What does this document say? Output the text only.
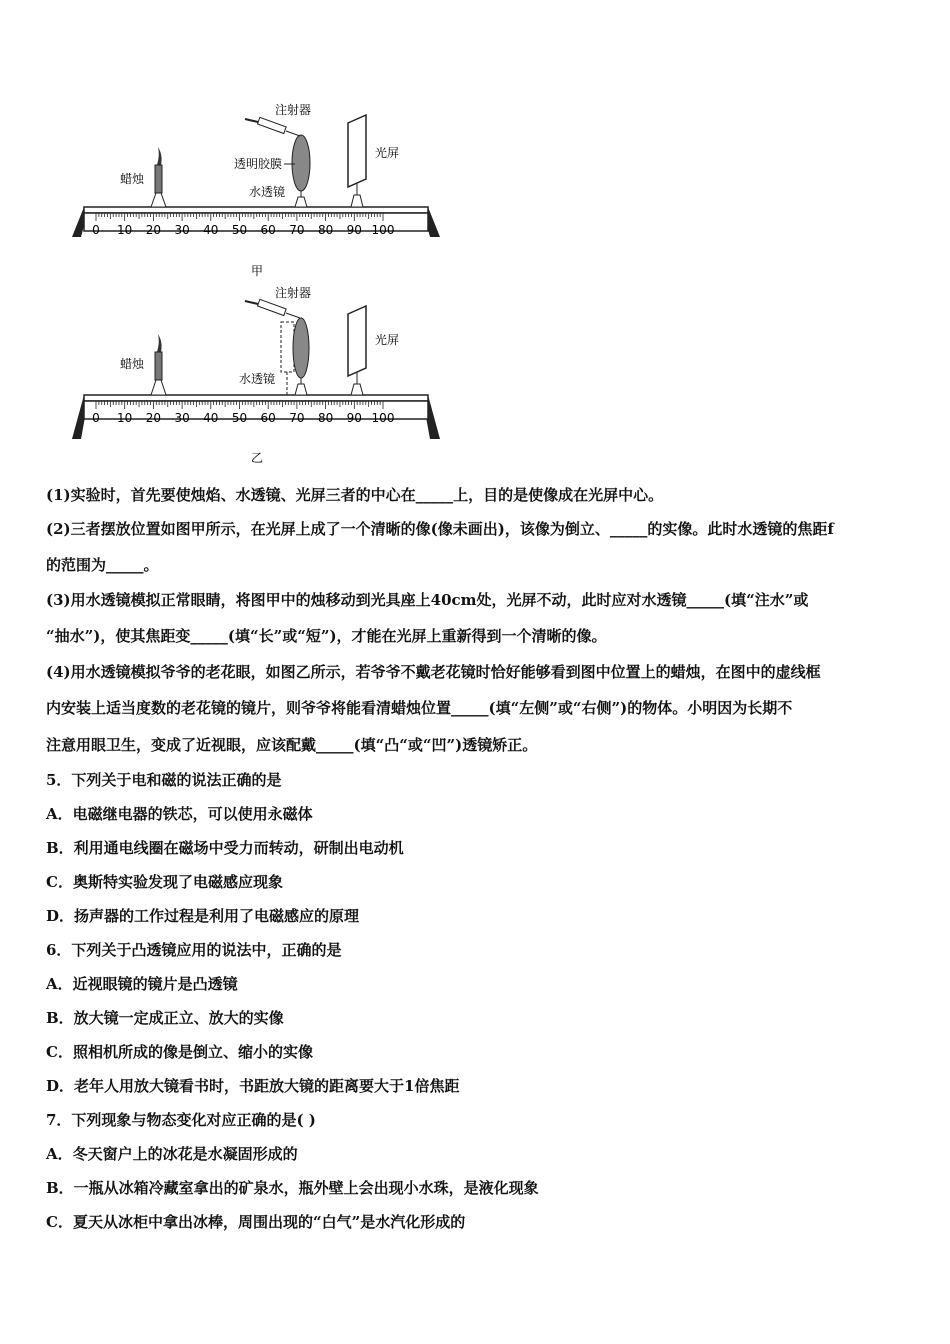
0 10 20 30 40 50 60 70 80 90 100
注射器
透明胶膜
蜡烛
水透镜
光屏
甲
0 10 20 30 40 50 60 70 80 90 100
注射器
蜡烛
水透镜
光屏
乙

(1)实验时，首先要使烛焰、水透镜、光屏三者的中心在_____上，目的是使像成在光屏中心。

(2)三者摆放位置如图甲所示，在光屏上成了一个清晰的像(像未画出)，该像为倒立、_____的实像。此时水透镜的焦距f

的范围为_____。

(3)用水透镜模拟正常眼睛，将图甲中的烛移动到光具座上40cm处，光屏不动，此时应对水透镜_____(填“注水”或

“抽水”)，使其焦距变_____(填“长”或“短”)，才能在光屏上重新得到一个清晰的像。

(4)用水透镜模拟爷爷的老花眼，如图乙所示，若爷爷不戴老花镜时恰好能够看到图中位置上的蜡烛，在图中的虚线框

内安装上适当度数的老花镜的镜片，则爷爷将能看清蜡烛位置_____(填“左侧”或“右侧”)的物体。小明因为长期不

注意用眼卫生，变成了近视眼，应该配戴_____(填“凸“或“凹”)透镜矫正。

5．下列关于电和磁的说法正确的是

A．电磁继电器的铁芯，可以使用永磁体

B．利用通电线圈在磁场中受力而转动，研制出电动机

C．奥斯特实验发现了电磁感应现象

D．扬声器的工作过程是利用了电磁感应的原理

6．下列关于凸透镜应用的说法中，正确的是

A．近视眼镜的镜片是凸透镜

B．放大镜一定成正立、放大的实像

C．照相机所成的像是倒立、缩小的实像

D．老年人用放大镜看书时，书距放大镜的距离要大于1倍焦距

7．下列现象与物态变化对应正确的是( )

A．冬天窗户上的冰花是水凝固形成的

B．一瓶从冰箱冷藏室拿出的矿泉水，瓶外壁上会出现小水珠，是液化现象

C．夏天从冰柜中拿出冰棒，周围出现的“白气”是水汽化形成的
